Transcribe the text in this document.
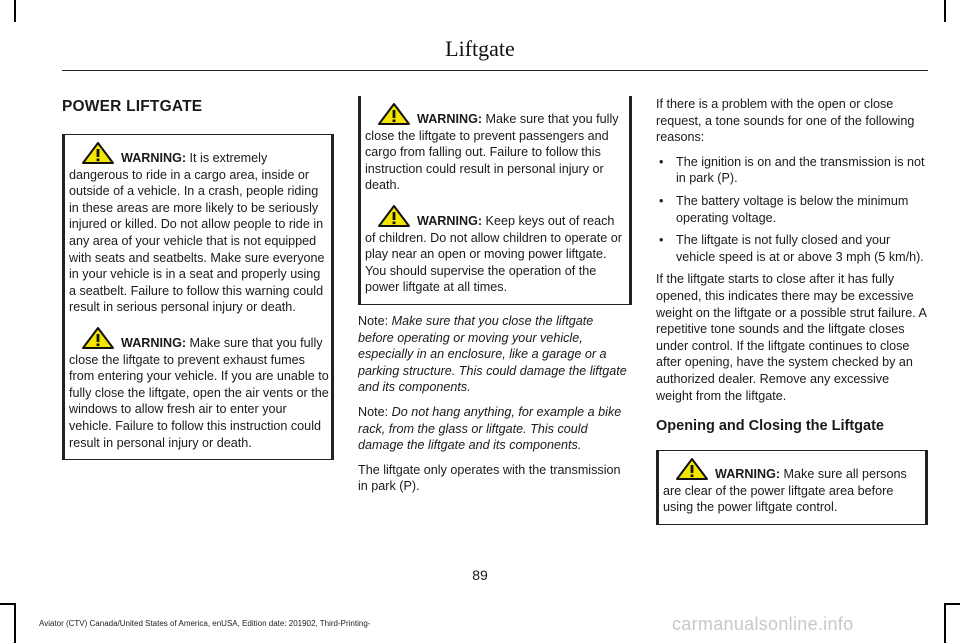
Liftgate
POWER LIFTGATE

WARNING: It is extremely dangerous to ride in a cargo area, inside or outside of a vehicle. In a crash, people riding in these areas are more likely to be seriously injured or killed. Do not allow people to ride in any area of your vehicle that is not equipped with seats and seatbelts. Make sure everyone in your vehicle is in a seat and properly using a seatbelt. Failure to follow this warning could result in serious personal injury or death.

WARNING: Make sure that you fully close the liftgate to prevent exhaust fumes from entering your vehicle. If you are unable to fully close the liftgate, open the air vents or the windows to allow fresh air to enter your vehicle. Failure to follow this instruction could result in personal injury or death.

WARNING: Make sure that you fully close the liftgate to prevent passengers and cargo from falling out. Failure to follow this instruction could result in personal injury or death.

WARNING: Keep keys out of reach of children. Do not allow children to operate or play near an open or moving power liftgate. You should supervise the operation of the power liftgate at all times.

Note: Make sure that you close the liftgate before operating or moving your vehicle, especially in an enclosure, like a garage or a parking structure. This could damage the liftgate and its components.

Note: Do not hang anything, for example a bike rack, from the glass or liftgate. This could damage the liftgate and its components.

The liftgate only operates with the transmission in park (P).

If there is a problem with the open or close request, a tone sounds for one of the following reasons:

• The ignition is on and the transmission is not in park (P).
• The battery voltage is below the minimum operating voltage.
• The liftgate is not fully closed and your vehicle speed is at or above 3 mph (5 km/h).

If the liftgate starts to close after it has fully opened, this indicates there may be excessive weight on the liftgate or a possible strut failure. A repetitive tone sounds and the liftgate closes under control. If the liftgate continues to close after opening, have the system checked by an authorized dealer. Remove any excessive weight from the liftgate.

Opening and Closing the Liftgate

WARNING: Make sure all persons are clear of the power liftgate area before using the power liftgate control.

89
Aviator (CTV) Canada/United States of America, enUSA, Edition date: 201902, Third-Printing-	carmanualsonline.info
